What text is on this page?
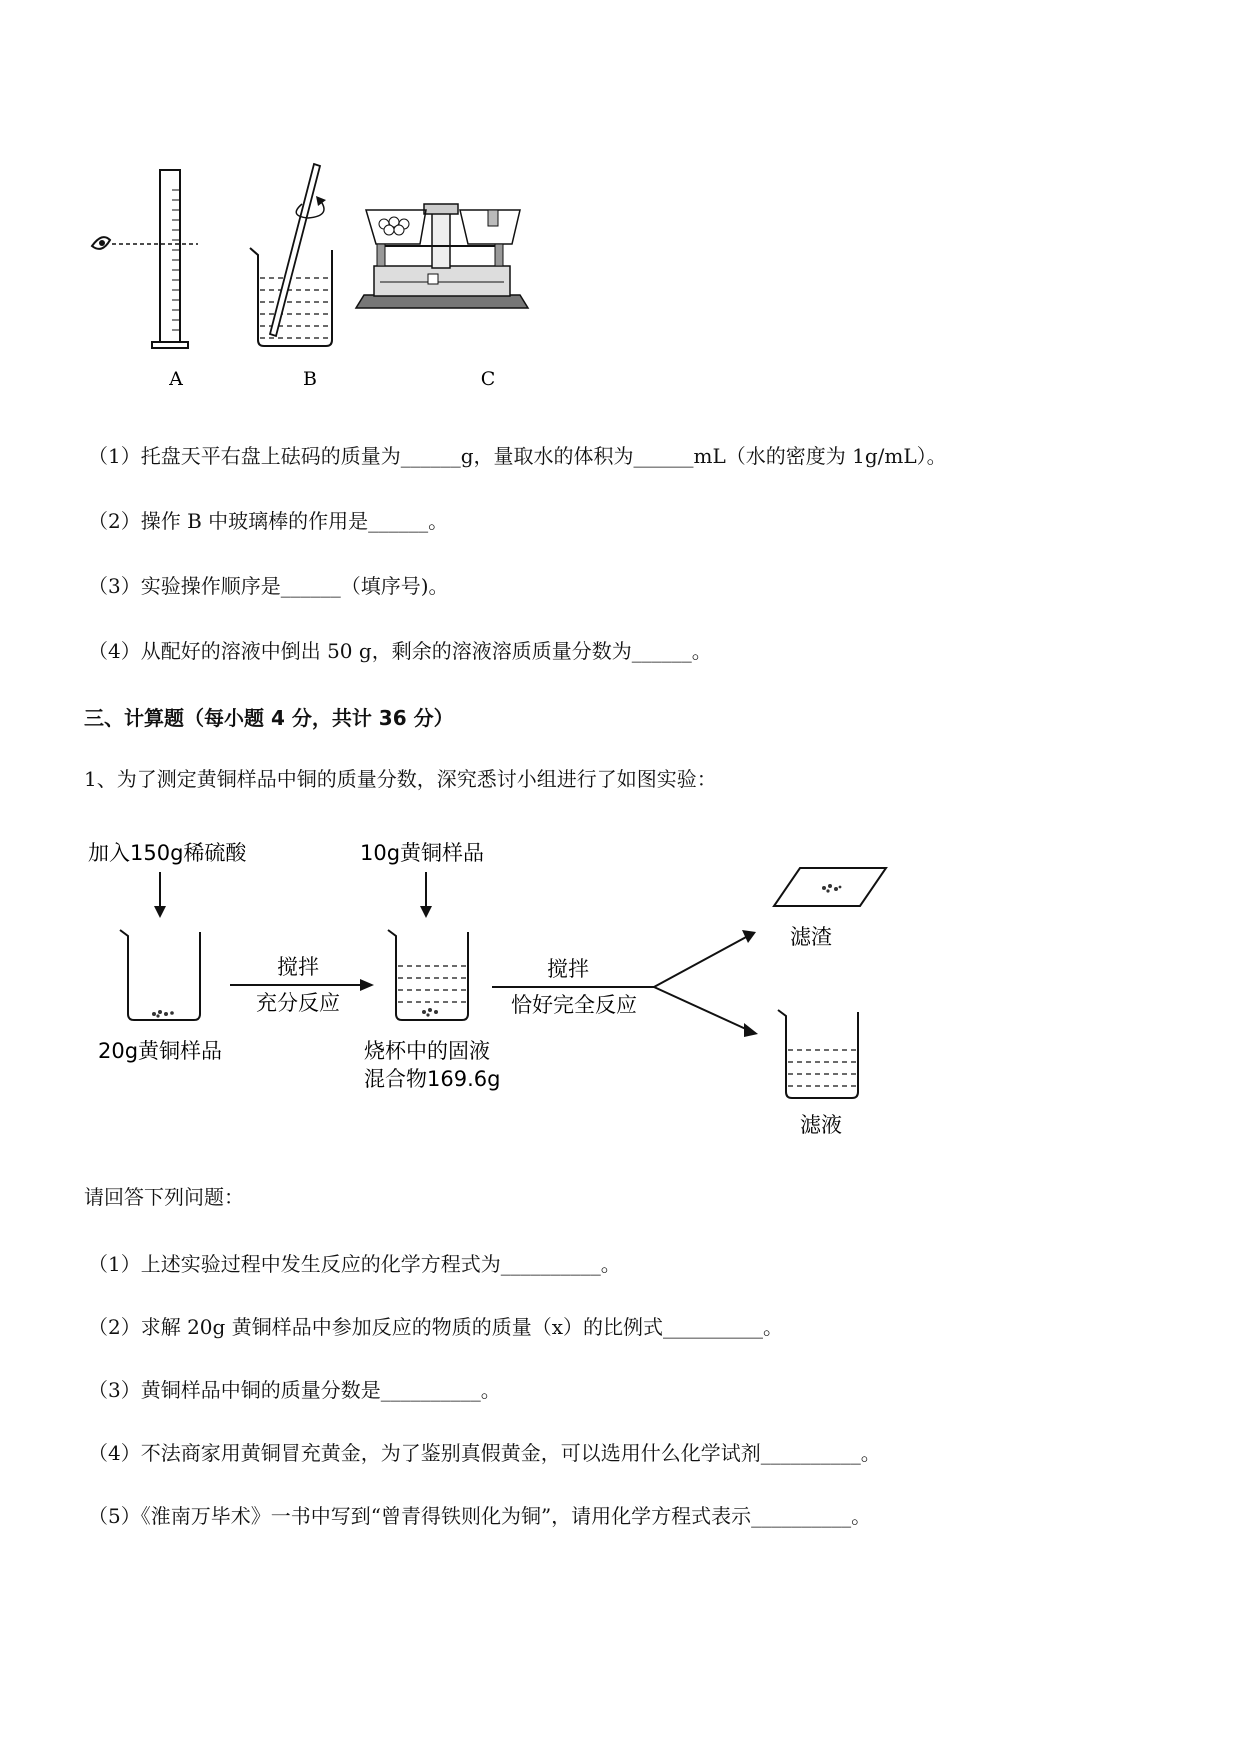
A	B	C
（1）托盘天平右盘上砝码的质量为______g，量取水的体积为______mL（水的密度为 1g/mL）。
（2）操作 B 中玻璃棒的作用是______。
（3）实验操作顺序是______（填序号)。
（4）从配好的溶液中倒出 50 g，剩余的溶液溶质质量分数为______。
三、计算题（每小题 4 分，共计 36 分）
1、为了测定黄铜样品中铜的质量分数，深究悉讨小组进行了如图实验：
加入150g稀硫酸
20g黄铜样品
搅拌
充分反应
10g黄铜样品
烧杯中的固液
混合物169.6g
搅拌
恰好完全反应
滤渣
滤液
请回答下列问题：
（1）上述实验过程中发生反应的化学方程式为__________。
（2）求解 20g 黄铜样品中参加反应的物质的质量（x）的比例式__________。
（3）黄铜样品中铜的质量分数是__________。
（4）不法商家用黄铜冒充黄金，为了鉴别真假黄金，可以选用什么化学试剂__________。
（5）《淮南万毕术》一书中写到“曾青得铁则化为铜”，请用化学方程式表示__________。
